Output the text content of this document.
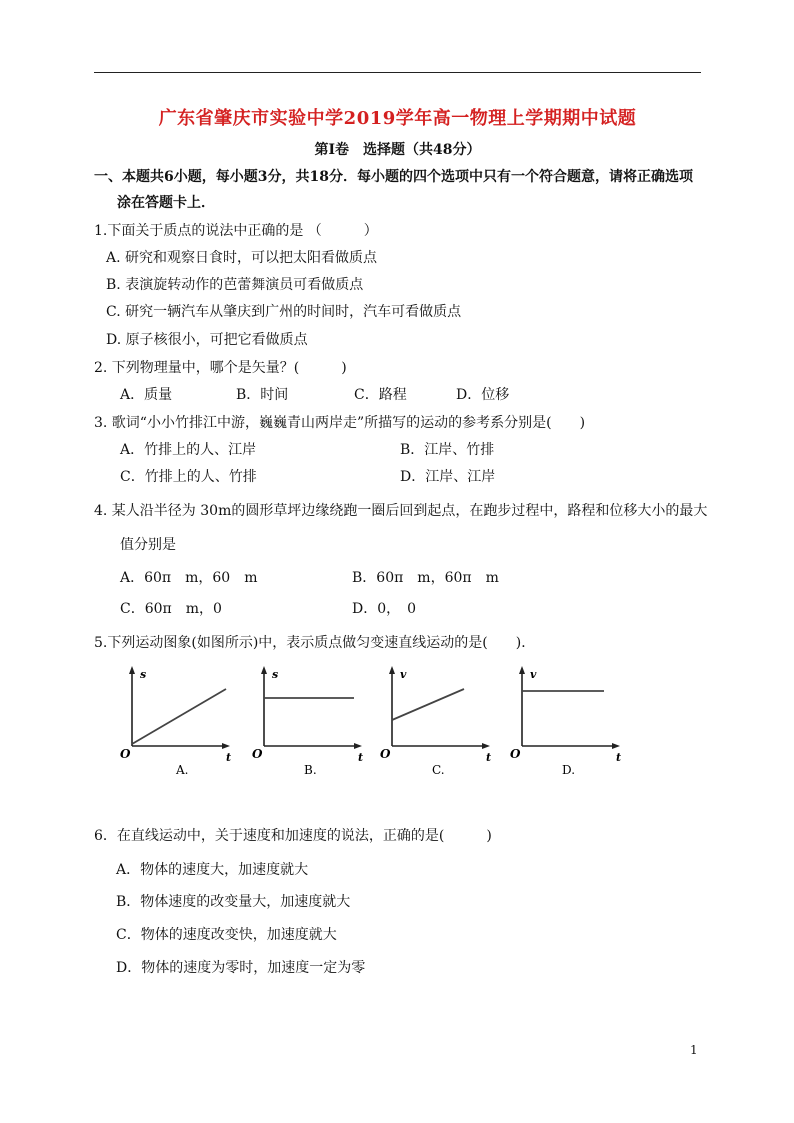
广东省肇庆市实验中学2019学年高一物理上学期期中试题
第Ⅰ卷　选择题（共48分）
一、本题共6小题，每小题3分，共18分．每小题的四个选项中只有一个符合题意，请将正确选项
涂在答题卡上．
1.下面关于质点的说法中正确的是 （　　　）
A. 研究和观察日食时，可以把太阳看做质点
B. 表演旋转动作的芭蕾舞演员可看做质点
C. 研究一辆汽车从肇庆到广州的时间时，汽车可看做质点
D. 原子核很小，可把它看做质点
2. 下列物理量中，哪个是矢量？(　　　)
A．质量	B．时间	C．路程	D．位移
3. 歌词“小小竹排江中游，巍巍青山两岸走”所描写的运动的参考系分别是(　　)
A．竹排上的人、江岸	B．江岸、竹排
C．竹排上的人、竹排	D．江岸、江岸
4. 某人沿半径为 30m的圆形草坪边缘绕跑一圈后回到起点，在跑步过程中，路程和位移大小的最大
值分别是
A．60π　m，60　m	B．60π　m，60π　m
C．60π　m，0	D．0，　0
5.下列运动图象(如图所示)中，表示质点做匀变速直线运动的是(　　)．
s
O	t
A.
s
O	t
B.
v
O	t
C.
v
O	t
D.
6．在直线运动中，关于速度和加速度的说法，正确的是(　　　)
A．物体的速度大，加速度就大
B．物体速度的改变量大，加速度就大
C．物体的速度改变快，加速度就大
D．物体的速度为零时，加速度一定为零
1
